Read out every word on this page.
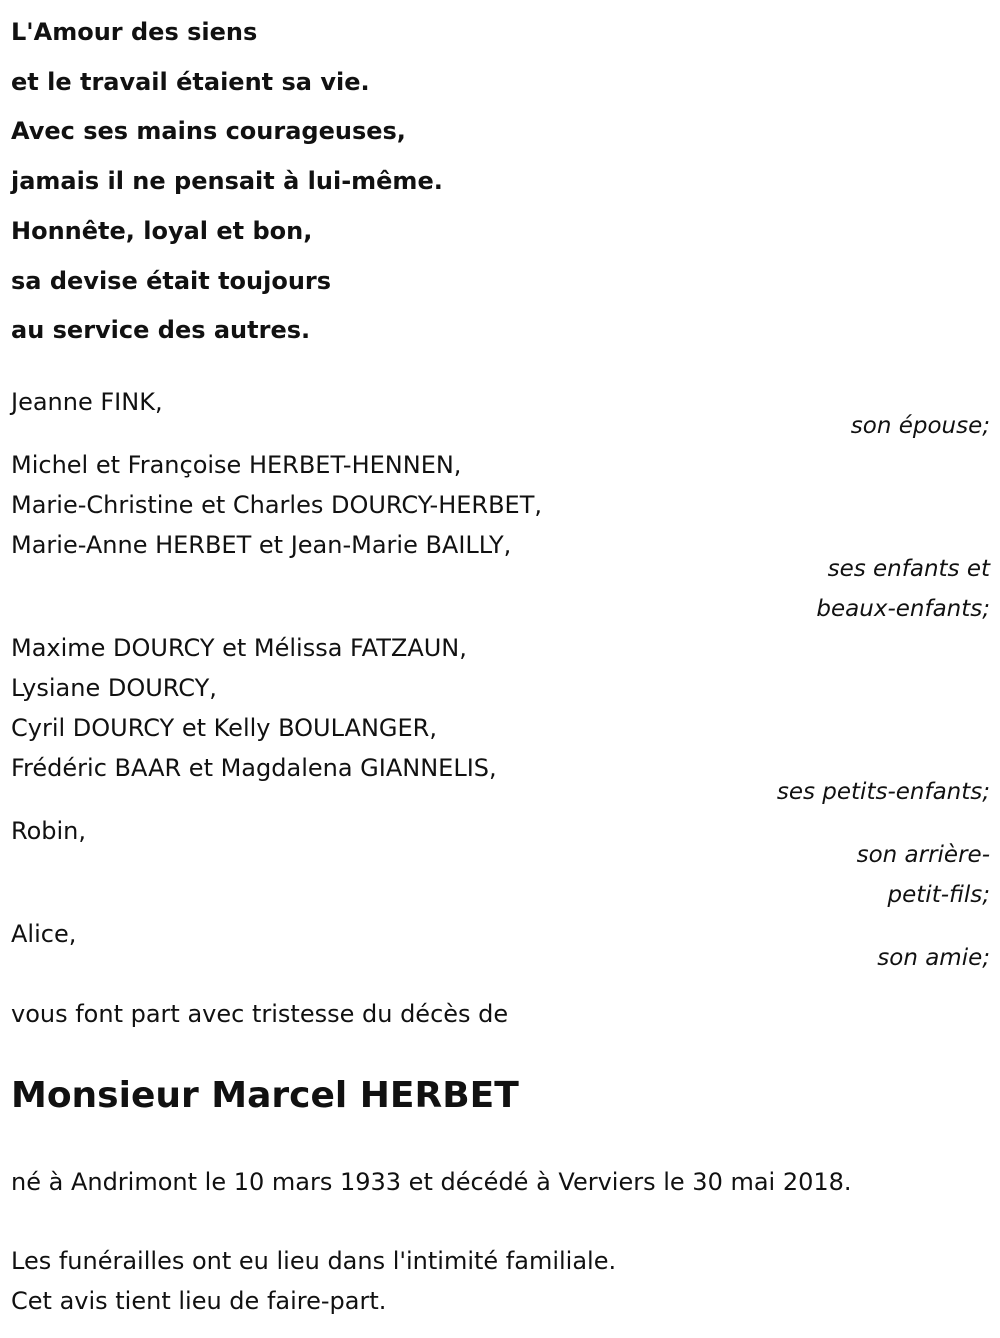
L'Amour des siens
et le travail étaient sa vie.
Avec ses mains courageuses,
jamais il ne pensait à lui-même.
Honnête, loyal et bon,
sa devise était toujours
au service des autres.
Jeanne FINK,
son épouse;
Michel et Françoise HERBET-HENNEN,
Marie-Christine et Charles DOURCY-HERBET,
Marie-Anne HERBET et Jean-Marie BAILLY,
ses enfants et
beaux-enfants;
Maxime DOURCY et Mélissa FATZAUN,
Lysiane DOURCY,
Cyril DOURCY et Kelly BOULANGER,
Frédéric BAAR et Magdalena GIANNELIS,
ses petits-enfants;
Robin,
son arrière-
petit-fils;
Alice,
son amie;
vous font part avec tristesse du décès de
Monsieur Marcel HERBET
né à Andrimont le 10 mars 1933 et décédé à Verviers le 30 mai 2018.
Les funérailles ont eu lieu dans l'intimité familiale.
Cet avis tient lieu de faire-part.
